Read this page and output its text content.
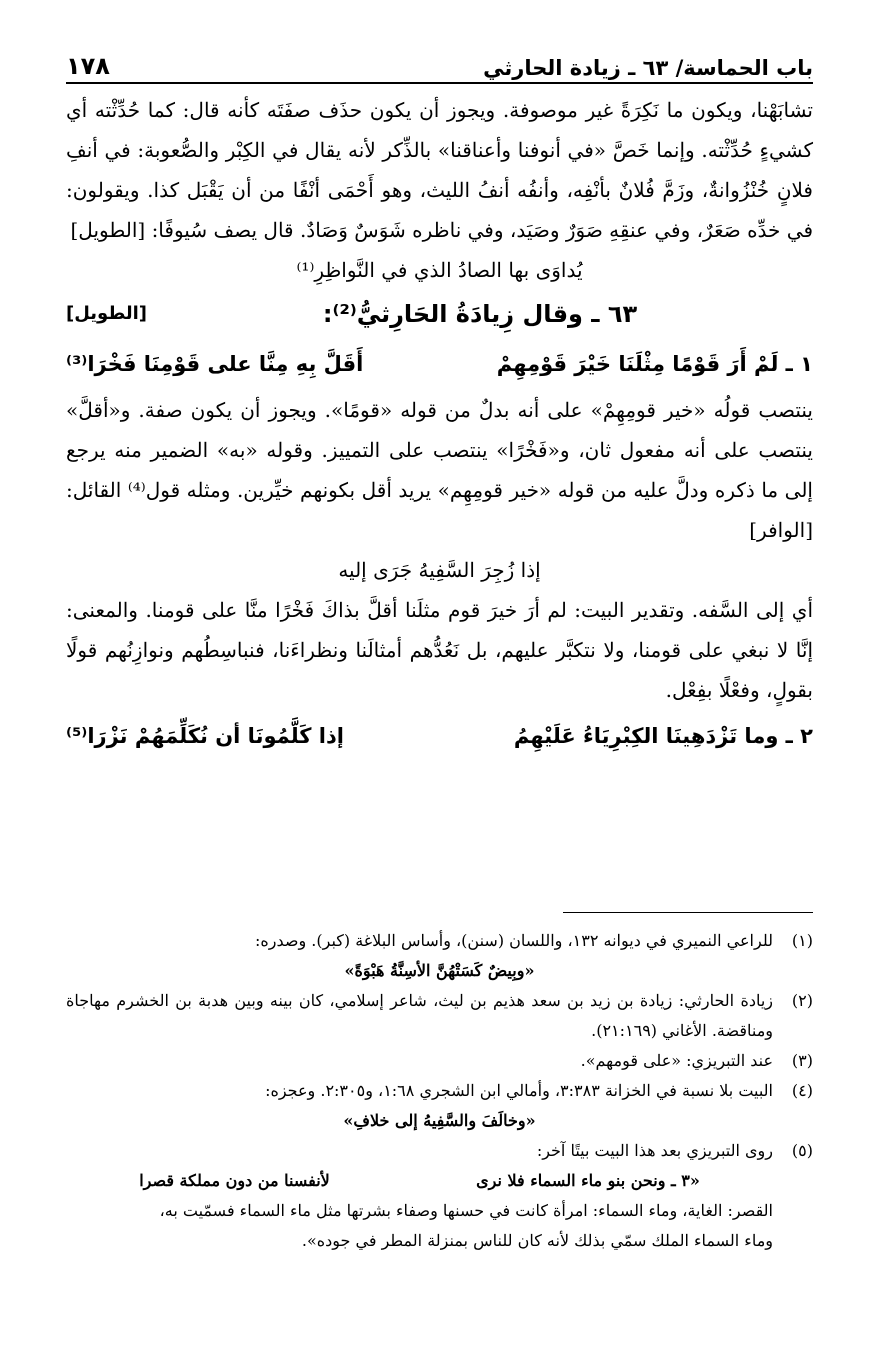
باب الحماسة/ ٦٣ ـ زيادة الحارثي
١٧٨

تشابَهْنا، ويكون ما نَكِرَةً غير موصوفة. ويجوز أن يكون حذَف صفَتَه كأنه قال: كما حُدِّثْته أي كشيءٍ حُدِّثْته. وإنما خَصَّ «في أنوفنا وأعناقنا» بالذِّكر لأنه يقال في الكِبْر والصُّعوبة: في أنفِ فلانٍ خُنْزُوانةٌ، وزَمَّ فُلانٌ بأنْفِه، وأنفُه أنفُ الليث، وهو أَحْمَى أنْفًا من أن يَقْبَل كذا. ويقولون: في خدِّه صَعَرٌ، وفي عنقِهِ صَوَرٌ وصَيَد، وفي ناظره شَوَسٌ وَصَادٌ. قال يصف سُيوفًا: [الطويل]

يُداوَى بها الصادُ الذي في النَّواظِرِ⁽¹⁾

٦٣ ـ وقال زِيادَةُ الحَارِثيُّ⁽²⁾:
[الطويل]
١ ـ لَمْ أَرَ قَوْمًا مِثْلَنَا خَيْرَ قَوْمِهِمْ
أَقَلَّ بِهِ مِنَّا على قَوْمِنَا فَخْرَا⁽³⁾

ينتصب قولُه «خير قومِهِمْ» على أنه بدلٌ من قوله «قومًا». ويجوز أن يكون صفة. و«أقلَّ» ينتصب على أنه مفعول ثان، و«فَخْرًا» ينتصب على التمييز. وقوله «به» الضمير منه يرجع إلى ما ذكره ودلَّ عليه من قوله «خير قومِهِم» يريد أقل بكونهم خيِّرين. ومثله قول⁽⁴⁾ القائل: [الوافر]

إذا زُجِرَ السَّفِيهُ جَرَى إليه

أي إلى السَّفه. وتقدير البيت: لم أرَ خيرَ قوم مثلَنا أقلَّ بذاكَ فَخْرًا منَّا على قومنا. والمعنى: إنَّا لا نبغي على قومنا، ولا نتكبَّر عليهم، بل نَعُدُّهم أمثالَنا ونظراءَنا، فنباسِطُهم ونوازِنُهم قولًا بقولٍ، وفعْلًا بفِعْل.

٢ ـ وما تَزْدَهِينَا الكِبْرِيَاءُ عَلَيْهِمُ
إذا كَلَّمُونَا أن نُكَلِّمَهُمْ نَزْرَا⁽⁵⁾
(١)
للراعي النميري في ديوانه ١٣٢، واللسان (سنن)، وأساس البلاغة (كبر). وصدره:
«وبِيضٌ كَسَتْهُنَّ الأسِنَّةُ هَبْوَةً»
(٢)
زيادة الحارثي: زيادة بن زيد بن سعد هذيم بن ليث، شاعر إسلامي، كان بينه وبين هدبة بن الخشرم مهاجاة ومناقضة. الأغاني (٢١:١٦٩).
(٣)
عند التبريزي: «على قومهم».
(٤)
البيت بلا نسبة في الخزانة ٣:٣٨٣، وأمالي ابن الشجري ١:٦٨، و٢:٣٠٥. وعجزه:
«وخالَفَ والسَّفِيهُ إلى خلافِ»
(٥)
روى التبريزي بعد هذا البيت بيتًا آخر:
«٣ ـ ونحن بنو ماء السماء فلا نرى
لأنفسنا من دون مملكة قصرا
القصر: الغاية، وماء السماء: امرأة كانت في حسنها وصفاء بشرتها مثل ماء السماء فسمّيت به،
وماء السماء الملك سمّي بذلك لأنه كان للناس بمنزلة المطر في جوده».
